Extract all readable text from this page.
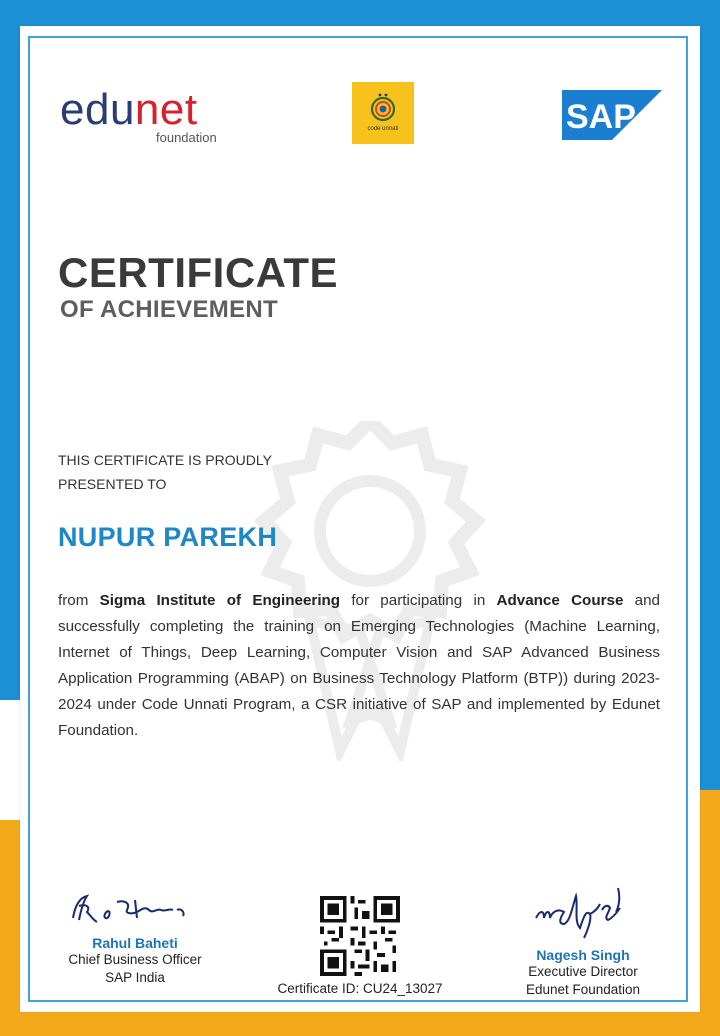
edunet
foundation
code unnati	SAP
CERTIFICATE
OF ACHIEVEMENT
THIS CERTIFICATE IS PROUDLY PRESENTED TO
NUPUR PAREKH
from Sigma Institute of Engineering for participating in Advance Course and successfully completing the training on Emerging Technologies (Machine Learning, Internet of Things, Deep Learning, Computer Vision and SAP Advanced Business Application Programming (ABAP) on Business Technology Platform (BTP)) during 2023-2024 under Code Unnati Program, a CSR initiative of SAP and implemented by Edunet Foundation.
Rahul Baheti
Chief Business Officer
SAP India
Certificate ID: CU24_13027
Nagesh Singh
Executive Director
Edunet Foundation
